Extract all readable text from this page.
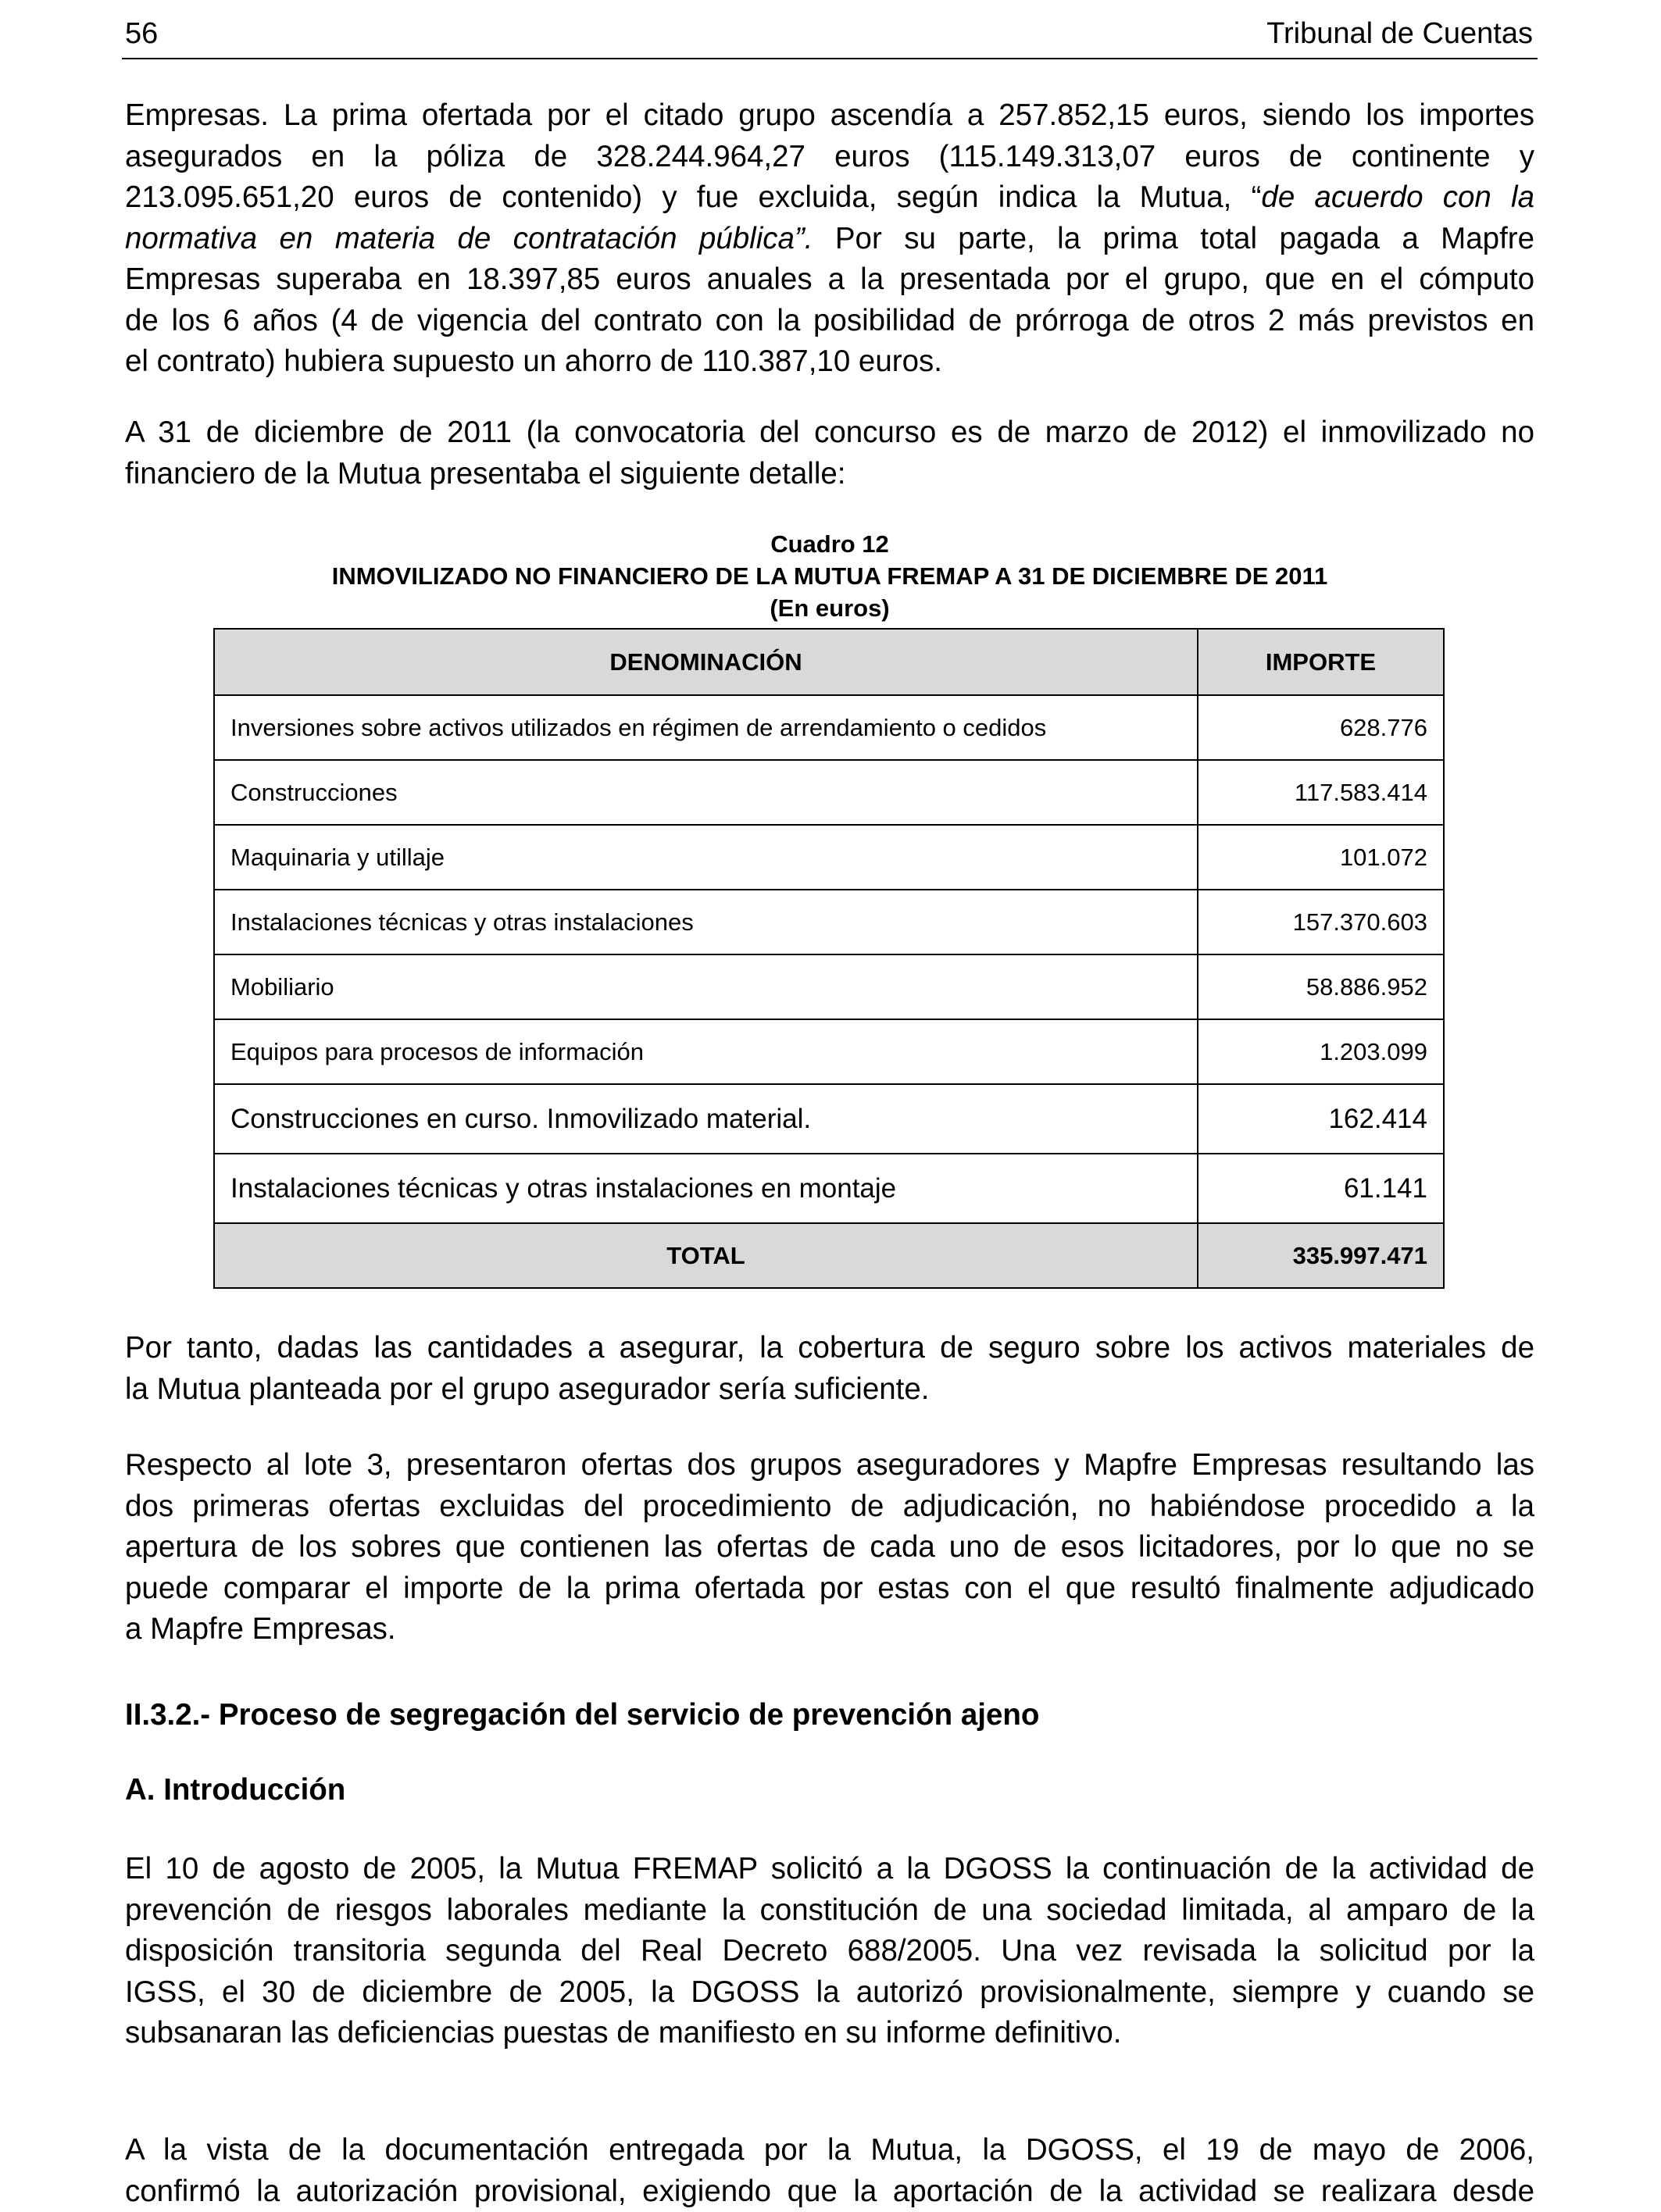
56	Tribunal de Cuentas
Empresas. La prima ofertada por el citado grupo ascendía a 257.852,15 euros, siendo los importes
asegurados en la póliza de 328.244.964,27 euros (115.149.313,07 euros de continente y
213.095.651,20 euros de contenido) y fue excluida, según indica la Mutua, “de acuerdo con la
normativa en materia de contratación pública”. Por su parte, la prima total pagada a Mapfre
Empresas superaba en 18.397,85 euros anuales a la presentada por el grupo, que en el cómputo
de los 6 años (4 de vigencia del contrato con la posibilidad de prórroga de otros 2 más previstos en
el contrato) hubiera supuesto un ahorro de 110.387,10 euros.
A 31 de diciembre de 2011 (la convocatoria del concurso es de marzo de 2012) el inmovilizado no
financiero de la Mutua presentaba el siguiente detalle:
Cuadro 12
INMOVILIZADO NO FINANCIERO DE LA MUTUA FREMAP A 31 DE DICIEMBRE DE 2011
(En euros)
DENOMINACIÓN	IMPORTE
Inversiones sobre activos utilizados en régimen de arrendamiento o cedidos	628.776
Construcciones	117.583.414
Maquinaria y utillaje	101.072
Instalaciones técnicas y otras instalaciones	157.370.603
Mobiliario	58.886.952
Equipos para procesos de información	1.203.099
Construcciones en curso. Inmovilizado material.	162.414
Instalaciones técnicas y otras instalaciones en montaje	61.141
TOTAL	335.997.471
Por tanto, dadas las cantidades a asegurar, la cobertura de seguro sobre los activos materiales de
la Mutua planteada por el grupo asegurador sería suficiente.
Respecto al lote 3, presentaron ofertas dos grupos aseguradores y Mapfre Empresas resultando las
dos primeras ofertas excluidas del procedimiento de adjudicación, no habiéndose procedido a la
apertura de los sobres que contienen las ofertas de cada uno de esos licitadores, por lo que no se
puede comparar el importe de la prima ofertada por estas con el que resultó finalmente adjudicado
a Mapfre Empresas.
II.3.2.- Proceso de segregación del servicio de prevención ajeno
A. Introducción
El 10 de agosto de 2005, la Mutua FREMAP solicitó a la DGOSS la continuación de la actividad de
prevención de riesgos laborales mediante la constitución de una sociedad limitada, al amparo de la
disposición transitoria segunda del Real Decreto 688/2005. Una vez revisada la solicitud por la
IGSS, el 30 de diciembre de 2005, la DGOSS la autorizó provisionalmente, siempre y cuando se
subsanaran las deficiencias puestas de manifiesto en su informe definitivo.
A la vista de la documentación entregada por la Mutua, la DGOSS, el 19 de mayo de 2006,
confirmó la autorización provisional, exigiendo que la aportación de la actividad se realizara desde
